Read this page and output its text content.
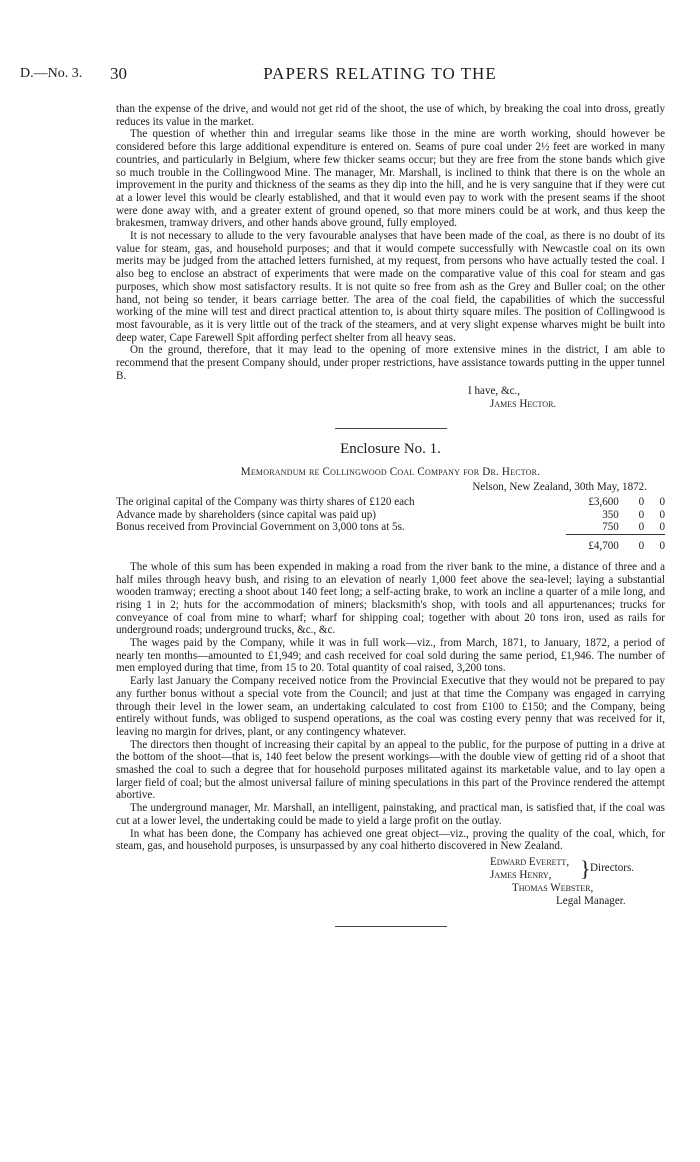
D.—No. 3. 30	PAPERS RELATING TO THE

than the expense of the drive, and would not get rid of the shoot, the use of which, by breaking the coal into dross, greatly reduces its value in the market.

The question of whether thin and irregular seams like those in the mine are worth working, should however be considered before this large additional expenditure is entered on. Seams of pure coal under 2½ feet are worked in many countries, and particularly in Belgium, where few thicker seams occur; but they are free from the stone bands which give so much trouble in the Collingwood Mine. The manager, Mr. Marshall, is inclined to think that there is on the whole an improvement in the purity and thickness of the seams as they dip into the hill, and he is very sanguine that if they were cut at a lower level this would be clearly established, and that it would even pay to work with the present seams if the shoot were done away with, and a greater extent of ground opened, so that more miners could be at work, and thus keep the brakesmen, tramway drivers, and other hands above ground, fully employed.

It is not necessary to allude to the very favourable analyses that have been made of the coal, as there is no doubt of its value for steam, gas, and household purposes; and that it would compete successfully with Newcastle coal on its own merits may be judged from the attached letters furnished, at my request, from persons who have actually tested the coal. I also beg to enclose an abstract of experiments that were made on the comparative value of this coal for steam and gas purposes, which show most satisfactory results. It is not quite so free from ash as the Grey and Buller coal; on the other hand, not being so tender, it bears carriage better. The area of the coal field, the capabilities of which the successful working of the mine will test and direct practical attention to, is about thirty square miles. The position of Collingwood is most favourable, as it is very little out of the track of the steamers, and at very slight expense wharves might be built into deep water, Cape Farewell Spit affording perfect shelter from all heavy seas.

On the ground, therefore, that it may lead to the opening of more extensive mines in the district, I am able to recommend that the present Company should, under proper restrictions, have assistance towards putting in the upper tunnel B.

I have, &c.,
James Hector.
Enclosure No. 1.
Memorandum re Collingwood Coal Company for Dr. Hector.
Nelson, New Zealand, 30th May, 1872.
The original capital of the Company was thirty shares of £120 each	£3,600	0	0
Advance made by shareholders (since capital was paid up)	350	0	0
Bonus received from Provincial Government on 3,000 tons at 5s.	750	0	0
	£4,700	0	0

The whole of this sum has been expended in making a road from the river bank to the mine, a distance of three and a half miles through heavy bush, and rising to an elevation of nearly 1,000 feet above the sea-level; laying a substantial wooden tramway; erecting a shoot about 140 feet long; a self-acting brake, to work an incline a quarter of a mile long, and rising 1 in 2; huts for the accommodation of miners; blacksmith's shop, with tools and all appurtenances; trucks for conveyance of coal from mine to wharf; wharf for shipping coal; together with about 20 tons iron, used as rails for underground roads; underground trucks, &c., &c.

The wages paid by the Company, while it was in full work—viz., from March, 1871, to January, 1872, a period of nearly ten months—amounted to £1,949; and cash received for coal sold during the same period, £1,946. The number of men employed during that time, from 15 to 20. Total quantity of coal raised, 3,200 tons.

Early last January the Company received notice from the Provincial Executive that they would not be prepared to pay any further bonus without a special vote from the Council; and just at that time the Company was engaged in carrying through their level in the lower seam, an undertaking calculated to cost from £100 to £150; and the Company, being entirely without funds, was obliged to suspend operations, as the coal was costing every penny that was received for it, leaving no margin for drives, plant, or any contingency whatever.

The directors then thought of increasing their capital by an appeal to the public, for the purpose of putting in a drive at the bottom of the shoot—that is, 140 feet below the present workings—with the double view of getting rid of a shoot that smashed the coal to such a degree that for household purposes militated against its marketable value, and to lay open a larger field of coal; but the almost universal failure of mining speculations in this part of the Province rendered the attempt abortive.

The underground manager, Mr. Marshall, an intelligent, painstaking, and practical man, is satisfied that, if the coal was cut at a lower level, the undertaking could be made to yield a large profit on the outlay.

In what has been done, the Company has achieved one great object—viz., proving the quality of the coal, which, for steam, gas, and household purposes, is unsurpassed by any coal hitherto discovered in New Zealand.

Edward Everett,
James Henry, } Directors.
Thomas Webster,
Legal Manager.
